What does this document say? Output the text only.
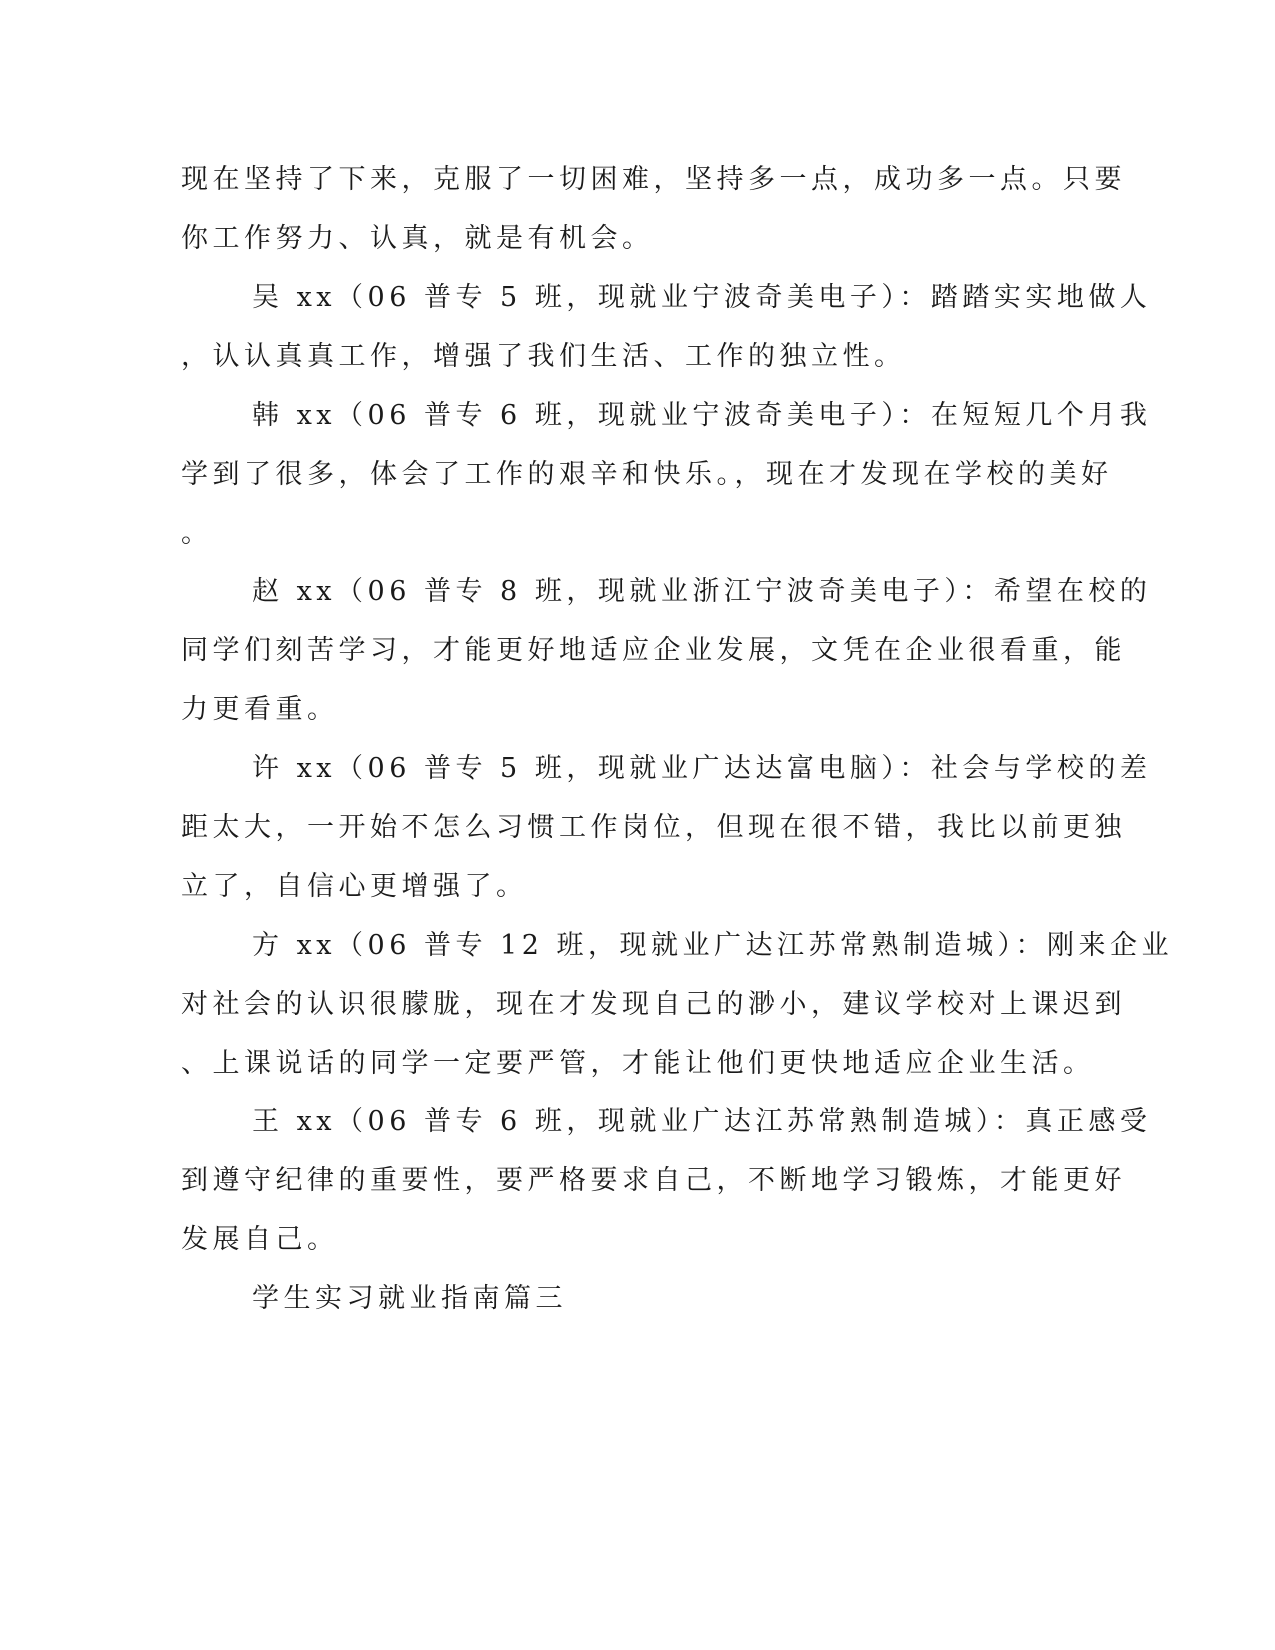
现在坚持了下来，克服了一切困难，坚持多一点，成功多一点。只要
你工作努力、认真，就是有机会。
吴 xx（06 普专 5 班，现就业宁波奇美电子）：踏踏实实地做人
，认认真真工作，增强了我们生活、工作的独立性。
韩 xx（06 普专 6 班，现就业宁波奇美电子）：在短短几个月我
学到了很多，体会了工作的艰辛和快乐。，现在才发现在学校的美好
。
赵 xx（06 普专 8 班，现就业浙江宁波奇美电子）：希望在校的
同学们刻苦学习，才能更好地适应企业发展，文凭在企业很看重，能
力更看重。
许 xx（06 普专 5 班，现就业广达达富电脑）：社会与学校的差
距太大，一开始不怎么习惯工作岗位，但现在很不错，我比以前更独
立了，自信心更增强了。
方 xx（06 普专 12 班，现就业广达江苏常熟制造城）：刚来企业
对社会的认识很朦胧，现在才发现自己的渺小，建议学校对上课迟到
、上课说话的同学一定要严管，才能让他们更快地适应企业生活。
王 xx（06 普专 6 班，现就业广达江苏常熟制造城）：真正感受
到遵守纪律的重要性，要严格要求自己，不断地学习锻炼，才能更好
发展自己。
学生实习就业指南篇三
